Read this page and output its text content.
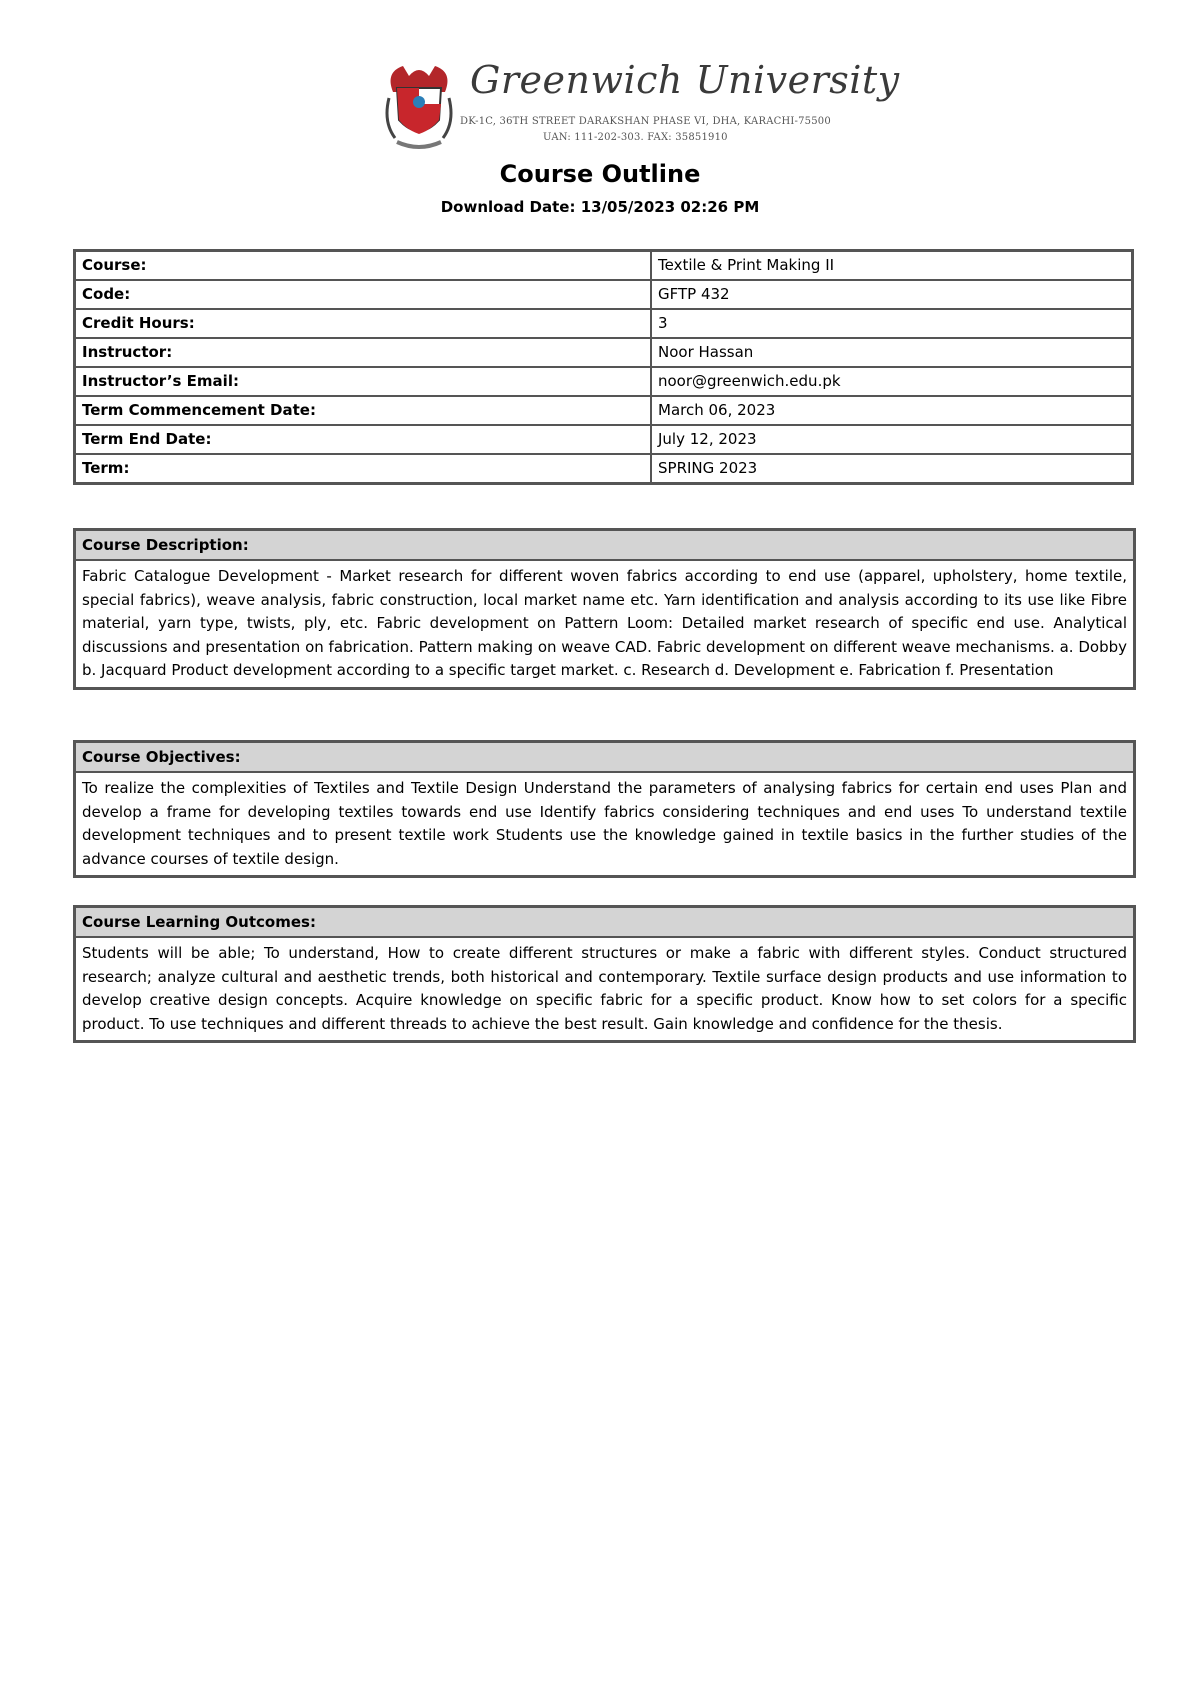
Greenwich University
DK-1C, 36TH STREET DARAKSHAN PHASE VI, DHA, KARACHI-75500
UAN: 111-202-303. FAX: 35851910
Course Outline
Download Date: 13/05/2023 02:26 PM
Course:	Textile & Print Making II
Code:	GFTP 432
Credit Hours:	3
Instructor:	Noor Hassan
Instructor’s Email:	noor@greenwich.edu.pk
Term Commencement Date:	March 06, 2023
Term End Date:	July 12, 2023
Term:	SPRING 2023
Course Description:
Fabric Catalogue Development - Market research for different woven fabrics according to end use (apparel, upholstery, home textile, special fabrics), weave analysis, fabric construction, local market name etc. Yarn identification and analysis according to its use like Fibre material, yarn type, twists, ply, etc. Fabric development on Pattern Loom: Detailed market research of specific end use. Analytical discussions and presentation on fabrication. Pattern making on weave CAD. Fabric development on different weave mechanisms. a. Dobby b. Jacquard Product development according to a specific target market. c. Research d. Development e. Fabrication f. Presentation
Course Objectives:
To realize the complexities of Textiles and Textile Design Understand the parameters of analysing fabrics for certain end uses Plan and develop a frame for developing textiles towards end use Identify fabrics considering techniques and end uses To understand textile development techniques and to present textile work Students use the knowledge gained in textile basics in the further studies of the advance courses of textile design.
Course Learning Outcomes:
Students will be able; To understand, How to create different structures or make a fabric with different styles. Conduct structured research; analyze cultural and aesthetic trends, both historical and contemporary. Textile surface design products and use information to develop creative design concepts. Acquire knowledge on specific fabric for a specific product. Know how to set colors for a specific product. To use techniques and different threads to achieve the best result. Gain knowledge and confidence for the thesis.
